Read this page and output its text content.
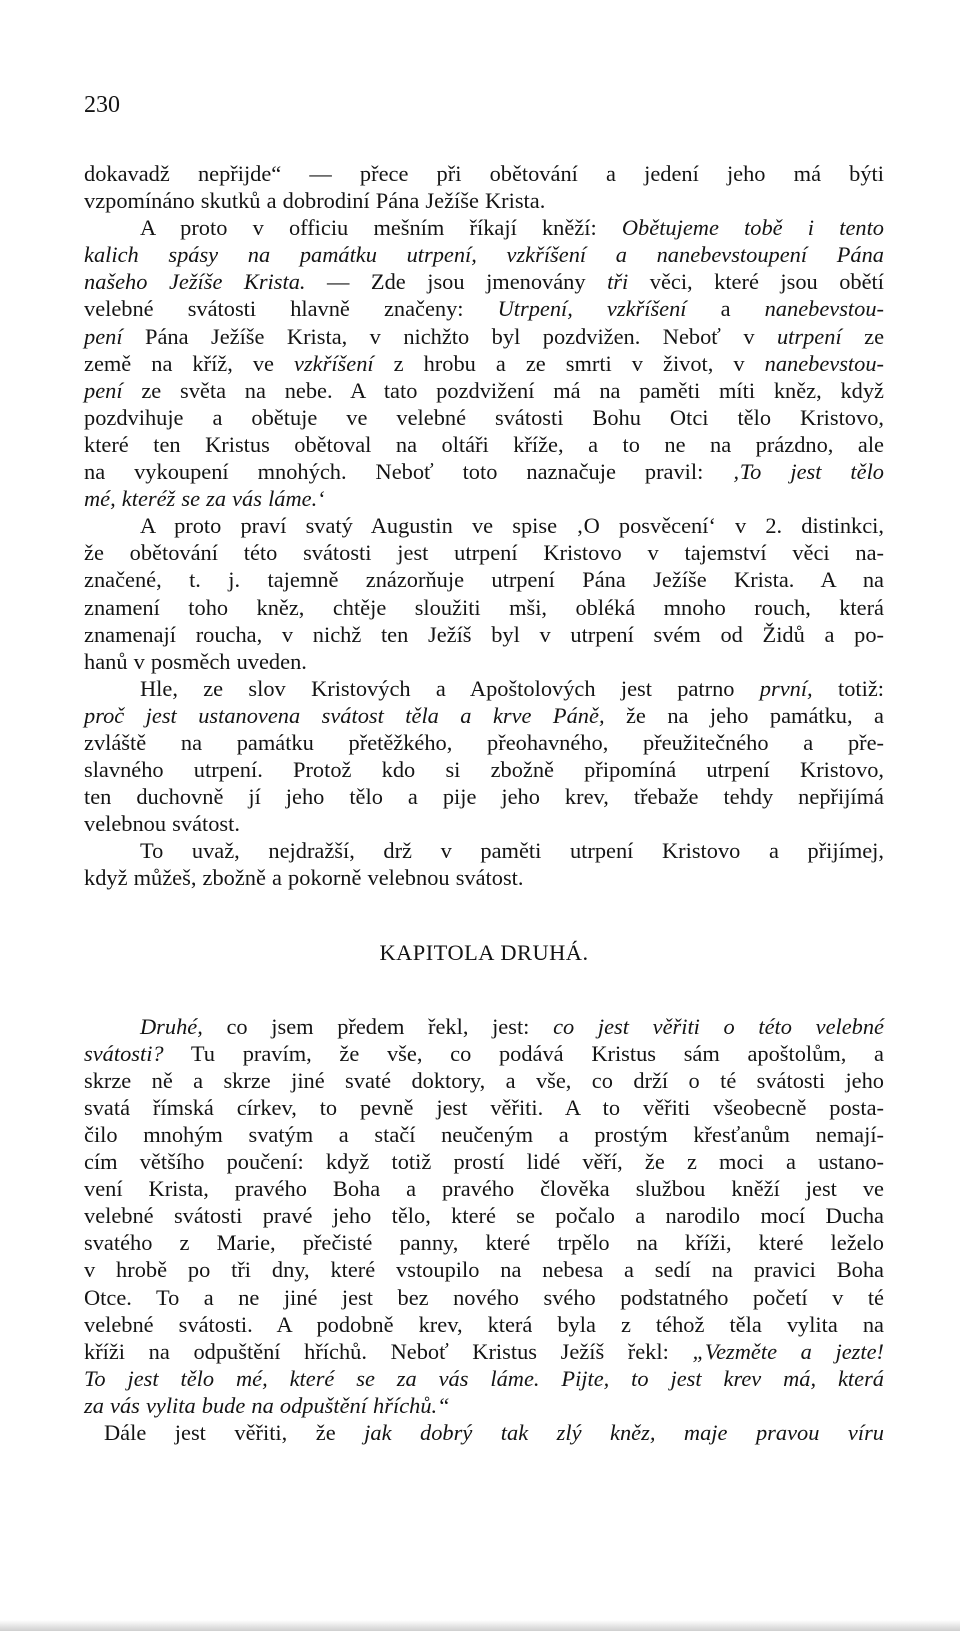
230
dokavadž nepřijde“ — přece při obětování a jedení jeho má býti
vzpomínáno skutků a dobrodiní Pána Ježíše Krista.
A proto v officiu mešním říkají kněží: Obětujeme tobě i tento
kalich spásy na památku utrpení, vzkříšení a nanebevstoupení Pána
našeho Ježíše Krista. — Zde jsou jmenovány tři věci, které jsou obětí
velebné svátosti hlavně značeny: Utrpení, vzkříšení a nanebevstou-
pení Pána Ježíše Krista, v nichžto byl pozdvižen. Neboť v utrpení ze
země na kříž, ve vzkříšení z hrobu a ze smrti v život, v nanebevstou-
pení ze světa na nebe. A tato pozdvižení má na paměti míti kněz, když
pozdvihuje a obětuje ve velebné svátosti Bohu Otci tělo Kristovo,
které ten Kristus obětoval na oltáři kříže, a to ne na prázdno, ale
na vykoupení mnohých. Neboť toto naznačuje pravil: ‚To jest tělo
mé, kteréž se za vás láme.‘
A proto praví svatý Augustin ve spise ‚O posvěcení‘ v 2. distinkci,
že obětování této svátosti jest utrpení Kristovo v tajemství věci na-
značené, t. j. tajemně znázorňuje utrpení Pána Ježíše Krista. A na
znamení toho kněz, chtěje sloužiti mši, obléká mnoho rouch, která
znamenají roucha, v nichž ten Ježíš byl v utrpení svém od Židů a po-
hanů v posměch uveden.
Hle, ze slov Kristových a Apoštolových jest patrno první, totiž:
proč jest ustanovena svátost těla a krve Páně, že na jeho památku, a
zvláště na památku přetěžkého, přeohavného, přeužitečného a pře-
slavného utrpení. Protož kdo si zbožně připomíná utrpení Kristovo,
ten duchovně jí jeho tělo a pije jeho krev, třebaže tehdy nepřijímá
velebnou svátost.
To uvaž, nejdražší, drž v paměti utrpení Kristovo a přijímej,
když můžeš, zbožně a pokorně velebnou svátost.
KAPITOLA DRUHÁ.
Druhé, co jsem předem řekl, jest: co jest věřiti o této velebné
svátosti? Tu pravím, že vše, co podává Kristus sám apoštolům, a
skrze ně a skrze jiné svaté doktory, a vše, co drží o té svátosti jeho
svatá římská církev, to pevně jest věřiti. A to věřiti všeobecně posta-
čilo mnohým svatým a stačí neučeným a prostým křesťanům nemají-
cím většího poučení: když totiž prostí lidé věří, že z moci a ustano-
vení Krista, pravého Boha a pravého člověka službou kněží jest ve
velebné svátosti pravé jeho tělo, které se počalo a narodilo mocí Ducha
svatého z Marie, přečisté panny, které trpělo na kříži, které leželo
v hrobě po tři dny, které vstoupilo na nebesa a sedí na pravici Boha
Otce. To a ne jiné jest bez nového svého podstatného početí v té
velebné svátosti. A podobně krev, která byla z téhož těla vylita na
kříži na odpuštění hříchů. Neboť Kristus Ježíš řekl: „Vezměte a jezte!
To jest tělo mé, které se za vás láme. Pijte, to jest krev má, která
za vás vylita bude na odpuštění hříchů.“
Dále jest věřiti, že jak dobrý tak zlý kněz, maje pravou víru
